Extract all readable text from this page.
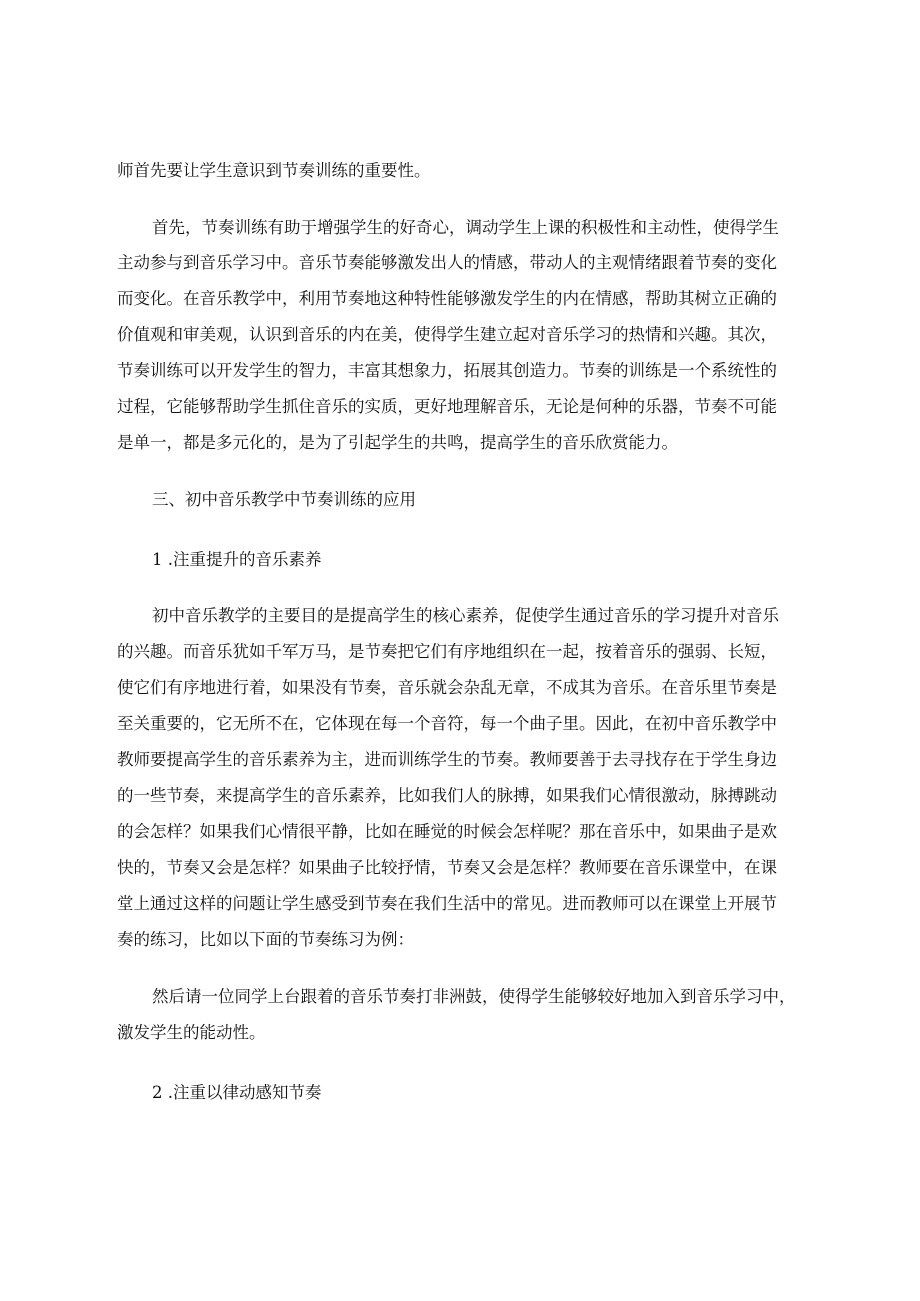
师首先要让学生意识到节奏训练的重要性。

首先，节奏训练有助于增强学生的好奇心，调动学生上课的积极性和主动性，使得学生

主动参与到音乐学习中。音乐节奏能够激发出人的情感，带动人的主观情绪跟着节奏的变化

而变化。在音乐教学中，利用节奏地这种特性能够激发学生的内在情感，帮助其树立正确的

价值观和审美观，认识到音乐的内在美，使得学生建立起对音乐学习的热情和兴趣。其次，

节奏训练可以开发学生的智力，丰富其想象力，拓展其创造力。节奏的训练是一个系统性的

过程，它能够帮助学生抓住音乐的实质，更好地理解音乐，无论是何种的乐器，节奏不可能

是单一，都是多元化的，是为了引起学生的共鸣，提高学生的音乐欣赏能力。

三、初中音乐教学中节奏训练的应用

1 .注重提升的音乐素养

初中音乐教学的主要目的是提高学生的核心素养，促使学生通过音乐的学习提升对音乐

的兴趣。而音乐犹如千军万马，是节奏把它们有序地组织在一起，按着音乐的强弱、长短，

使它们有序地进行着，如果没有节奏，音乐就会杂乱无章，不成其为音乐。在音乐里节奏是

至关重要的，它无所不在，它体现在每一个音符，每一个曲子里。因此，在初中音乐教学中

教师要提高学生的音乐素养为主，进而训练学生的节奏。教师要善于去寻找存在于学生身边

的一些节奏，来提高学生的音乐素养，比如我们人的脉搏，如果我们心情很激动，脉搏跳动

的会怎样？如果我们心情很平静，比如在睡觉的时候会怎样呢？那在音乐中，如果曲子是欢

快的，节奏又会是怎样？如果曲子比较抒情，节奏又会是怎样？教师要在音乐课堂中，在课

堂上通过这样的问题让学生感受到节奏在我们生活中的常见。进而教师可以在课堂上开展节

奏的练习，比如以下面的节奏练习为例：

然后请一位同学上台跟着的音乐节奏打非洲鼓，使得学生能够较好地加入到音乐学习中，

激发学生的能动性。

2 .注重以律动感知节奏
